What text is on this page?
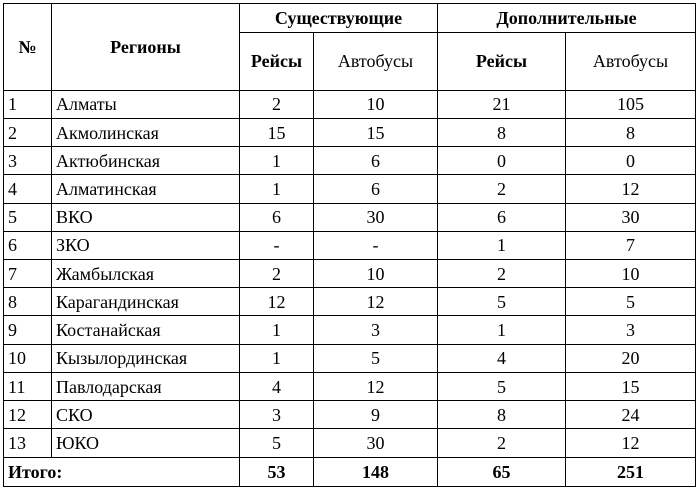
№	Регионы	Существующие		Дополнительные	
		Рейсы	Автобусы	Рейсы	Автобусы
1	Алматы	2	10	21	105
2	Акмолинская	15	15	8	8
3	Актюбинская	1	6	0	0
4	Алматинская	1	6	2	12
5	ВКО	6	30	6	30
6	ЗКО	-	-	1	7
7	Жамбылская	2	10	2	10
8	Карагандинская	12	12	5	5
9	Костанайская	1	3	1	3
10	Кызылординская	1	5	4	20
11	Павлодарская	4	12	5	15
12	СКО	3	9	8	24
13	ЮКО	5	30	2	12
Итого:		53	148	65	251
